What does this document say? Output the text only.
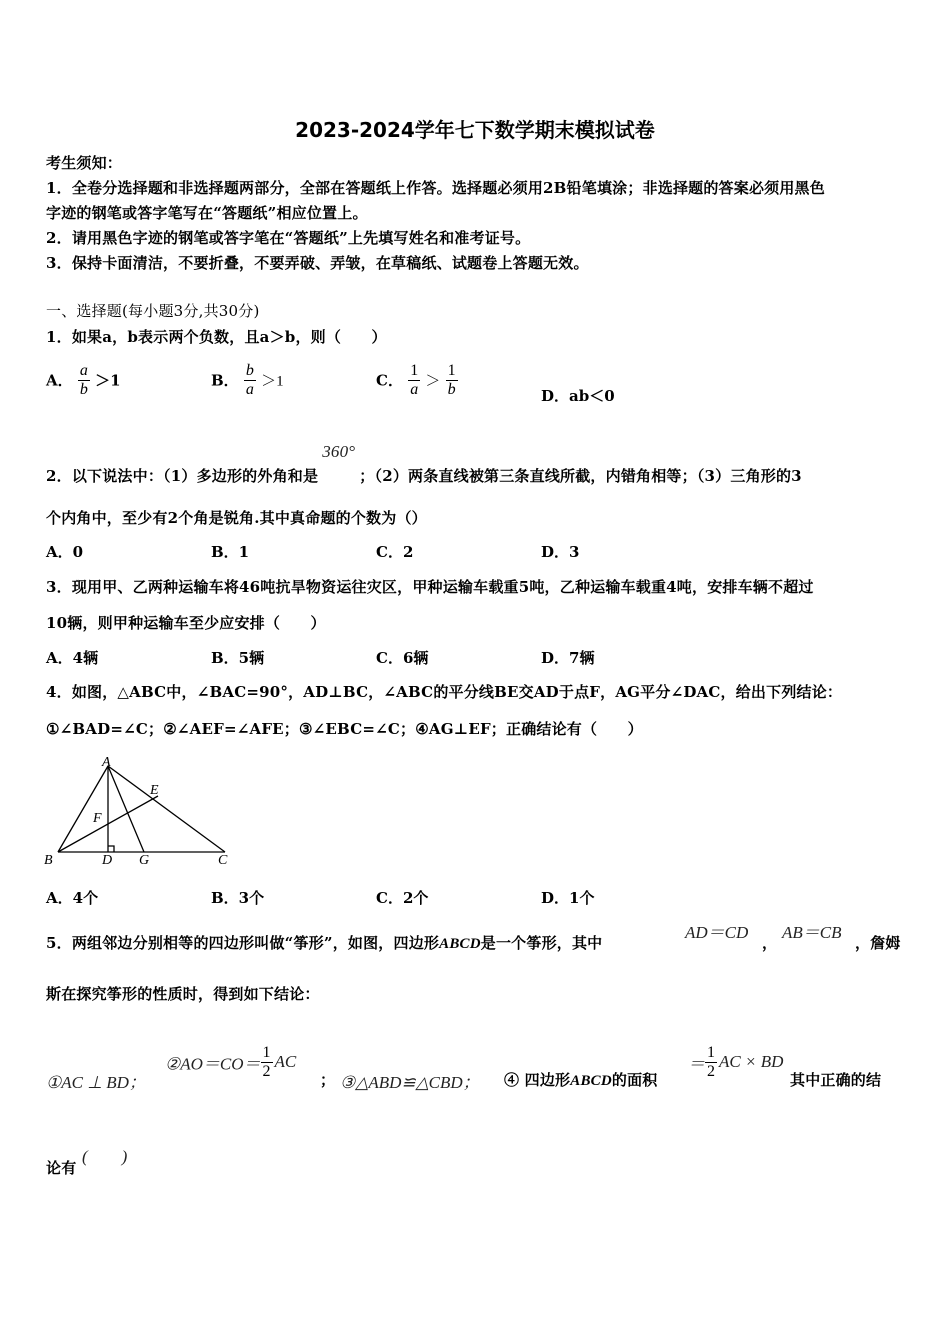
2023-2024学年七下数学期末模拟试卷
考生须知：
1．全卷分选择题和非选择题两部分，全部在答题纸上作答。选择题必须用2B铅笔填涂；非选择题的答案必须用黑色
字迹的钢笔或答字笔写在“答题纸”相应位置上。
2．请用黑色字迹的钢笔或答字笔在“答题纸”上先填写姓名和准考证号。
3．保持卡面清洁，不要折叠，不要弄破、弄皱，在草稿纸、试题卷上答题无效。
一、选择题(每小题3分,共30分)
1．如果a，b表示两个负数，且a＞b，则（　　）
A． $\frac{a}{b} >1$	B． $\frac{b}{a} >1$	C． $\frac{1}{a} > \frac{1}{b}$	D．ab＜0
2．以下说法中：（1）多边形的外角和是360°；（2）两条直线被第三条直线所截，内错角相等；（3）三角形的3
个内角中，至少有2个角是锐角.其中真命题的个数为（）
A．0	B．1	C．2	D．3
3．现用甲、乙两种运输车将46吨抗旱物资运往灾区，甲种运输车载重5吨，乙种运输车载重4吨，安排车辆不超过
10辆，则甲种运输车至少应安排（　　）
A．4辆	B．5辆	C．6辆	D．7辆
4．如图，△ABC中，∠BAC=90°，AD⊥BC，∠ABC的平分线BE交AD于点F，AG平分∠DAC，给出下列结论：
①∠BAD=∠C；②∠AEF=∠AFE；③∠EBC=∠C；④AG⊥EF；正确结论有（　　）
A
B	C
D
E
F
G
A．4个	B．3个	C．2个	D．1个
5．两组邻边分别相等的四边形叫做“筝形”，如图，四边形ABCD是一个筝形，其中
AD＝CD
，
AB＝CB
，詹姆
斯在探究筝形的性质时，得到如下结论：
①AC ⊥ BD；
②AO＝CO＝ $\frac{1}{2}$ AC
； ③△ABD≌△CBD； ④ 四边形ABCD的面积
＝ $\frac{1}{2}$ AC × BD
其中正确的结
论有
(　　)
